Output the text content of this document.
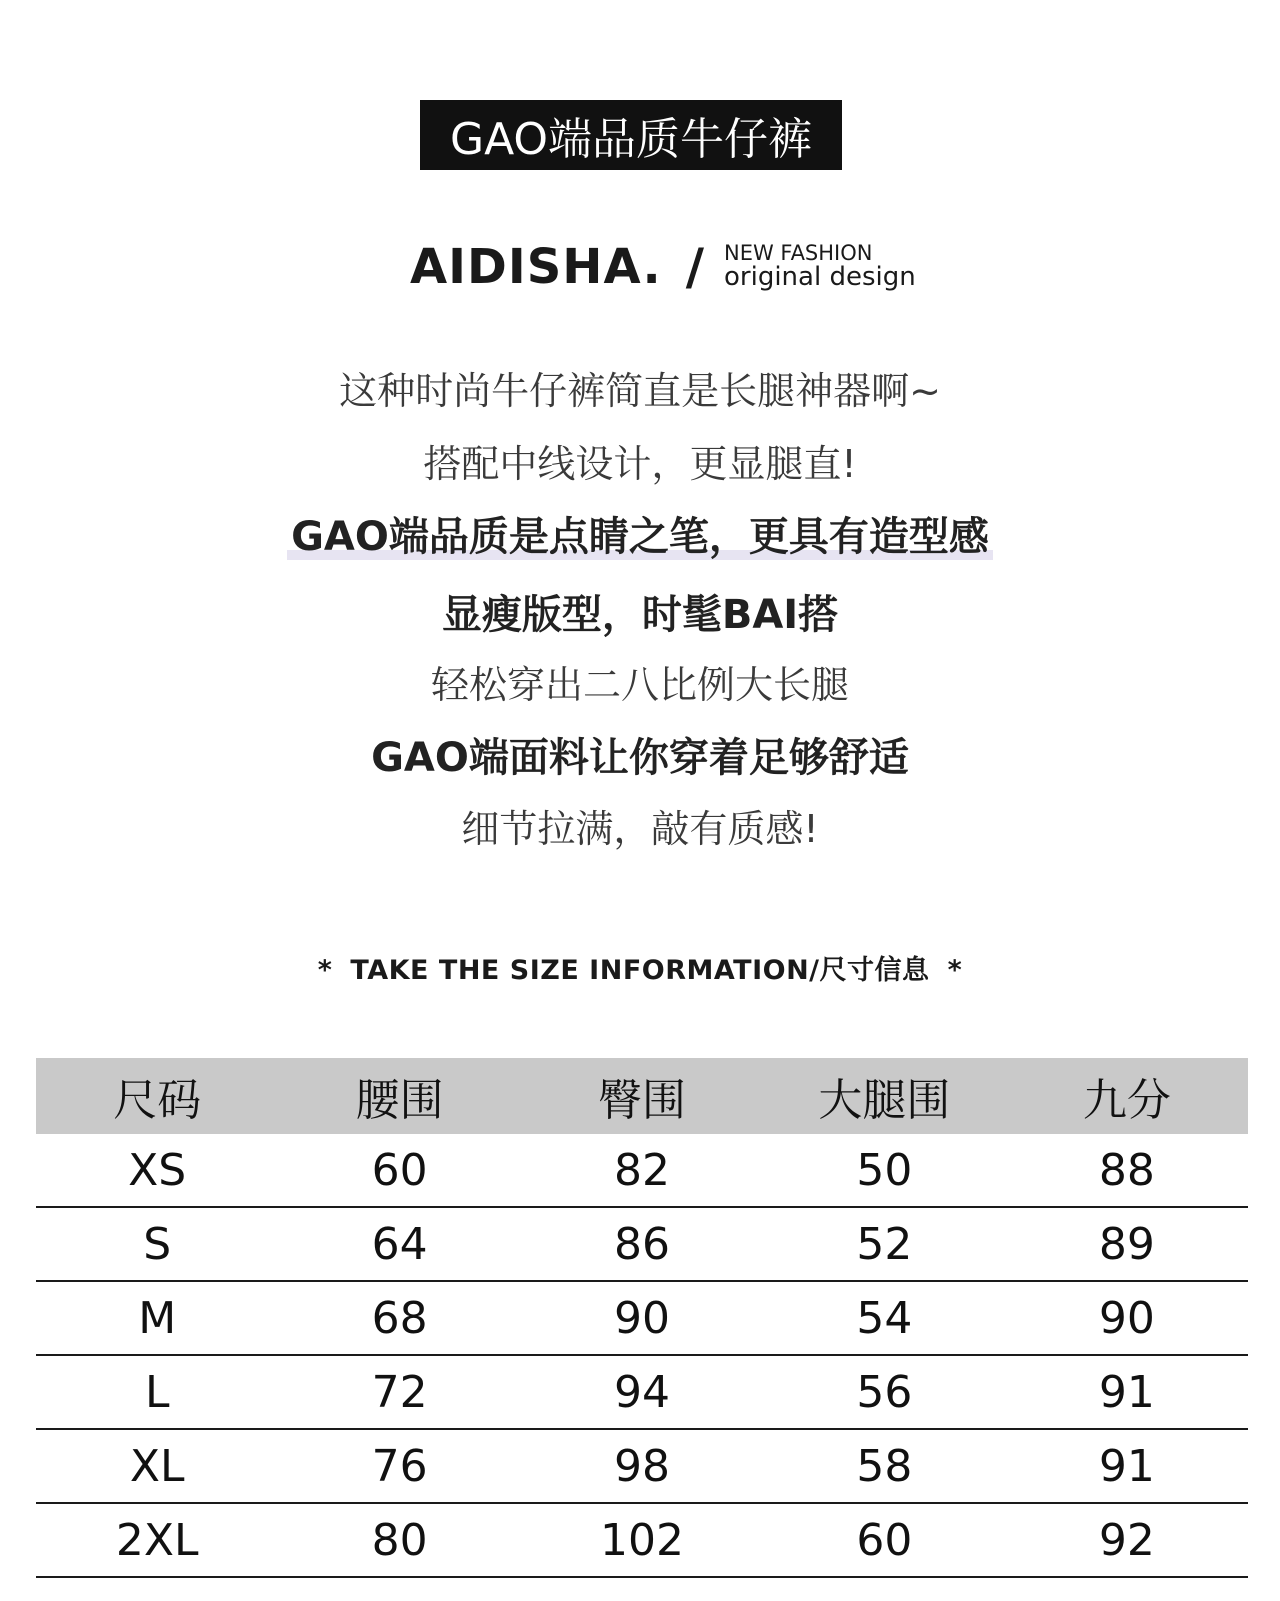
GAO端品质牛仔裤
AIDISHA. / NEW FASHION
original design
这种时尚牛仔裤简直是长腿神器啊~
搭配中线设计，更显腿直!
GAO端品质是点睛之笔，更具有造型感
显瘦版型，时髦BAI搭
轻松穿出二八比例大长腿
GAO端面料让你穿着足够舒适
细节拉满，敲有质感!
* TAKE THE SIZE INFORMATION/尺寸信息 *
尺码	腰围	臀围	大腿围	九分
XS	60	82	50	88
S	64	86	52	89
M	68	90	54	90
L	72	94	56	91
XL	76	98	58	91
2XL	80	102	60	92
